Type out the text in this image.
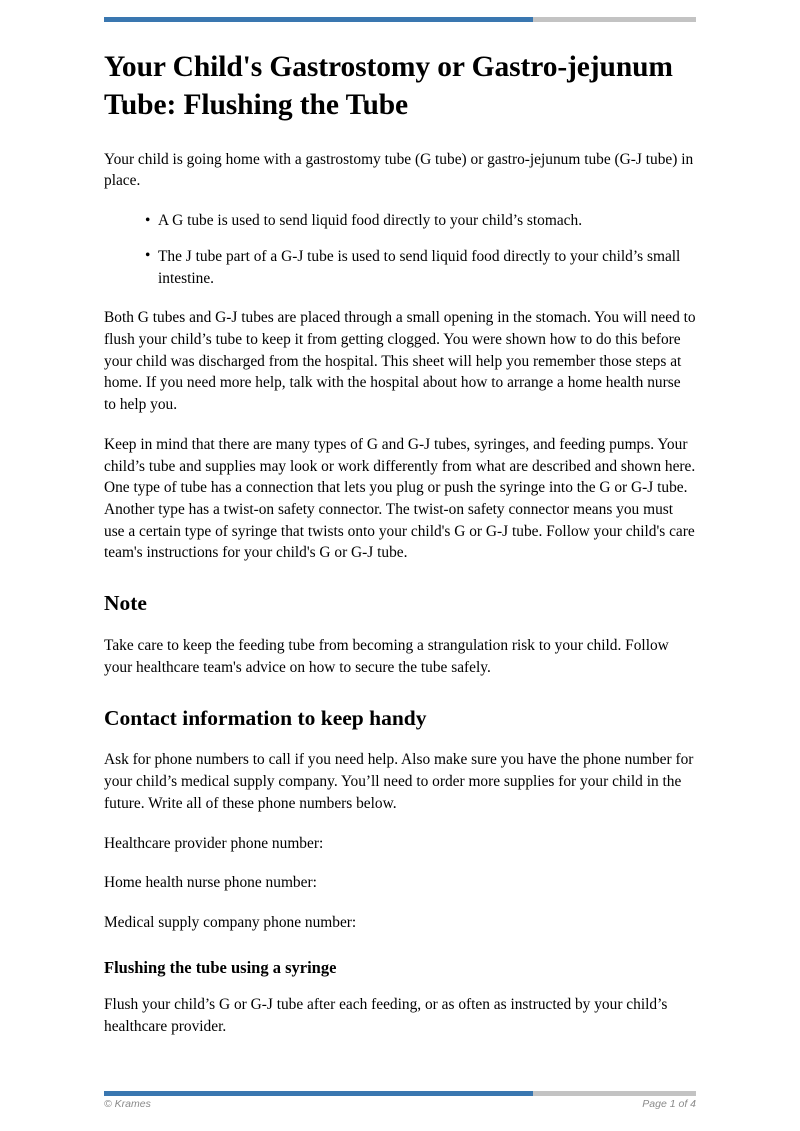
Your Child's Gastrostomy or Gastro-jejunum Tube: Flushing the Tube

Your child is going home with a gastrostomy tube (G tube) or gastro-jejunum tube (G-J tube) in place.

• A G tube is used to send liquid food directly to your child’s stomach.
• The J tube part of a G-J tube is used to send liquid food directly to your child’s small intestine.

Both G tubes and G-J tubes are placed through a small opening in the stomach. You will need to flush your child’s tube to keep it from getting clogged. You were shown how to do this before your child was discharged from the hospital. This sheet will help you remember those steps at home. If you need more help, talk with the hospital about how to arrange a home health nurse to help you.

Keep in mind that there are many types of G and G-J tubes, syringes, and feeding pumps. Your child’s tube and supplies may look or work differently from what are described and shown here. One type of tube has a connection that lets you plug or push the syringe into the G or G-J tube. Another type has a twist-on safety connector. The twist-on safety connector means you must use a certain type of syringe that twists onto your child's G or G-J tube. Follow your child's care team's instructions for your child's G or G-J tube.

Note

Take care to keep the feeding tube from becoming a strangulation risk to your child. Follow your healthcare team's advice on how to secure the tube safely.

Contact information to keep handy

Ask for phone numbers to call if you need help. Also make sure you have the phone number for your child’s medical supply company. You’ll need to order more supplies for your child in the future. Write all of these phone numbers below.

Healthcare provider phone number:

Home health nurse phone number:

Medical supply company phone number:

Flushing the tube using a syringe

Flush your child’s G or G-J tube after each feeding, or as often as instructed by your child’s healthcare provider.

© Krames	Page 1 of 4
